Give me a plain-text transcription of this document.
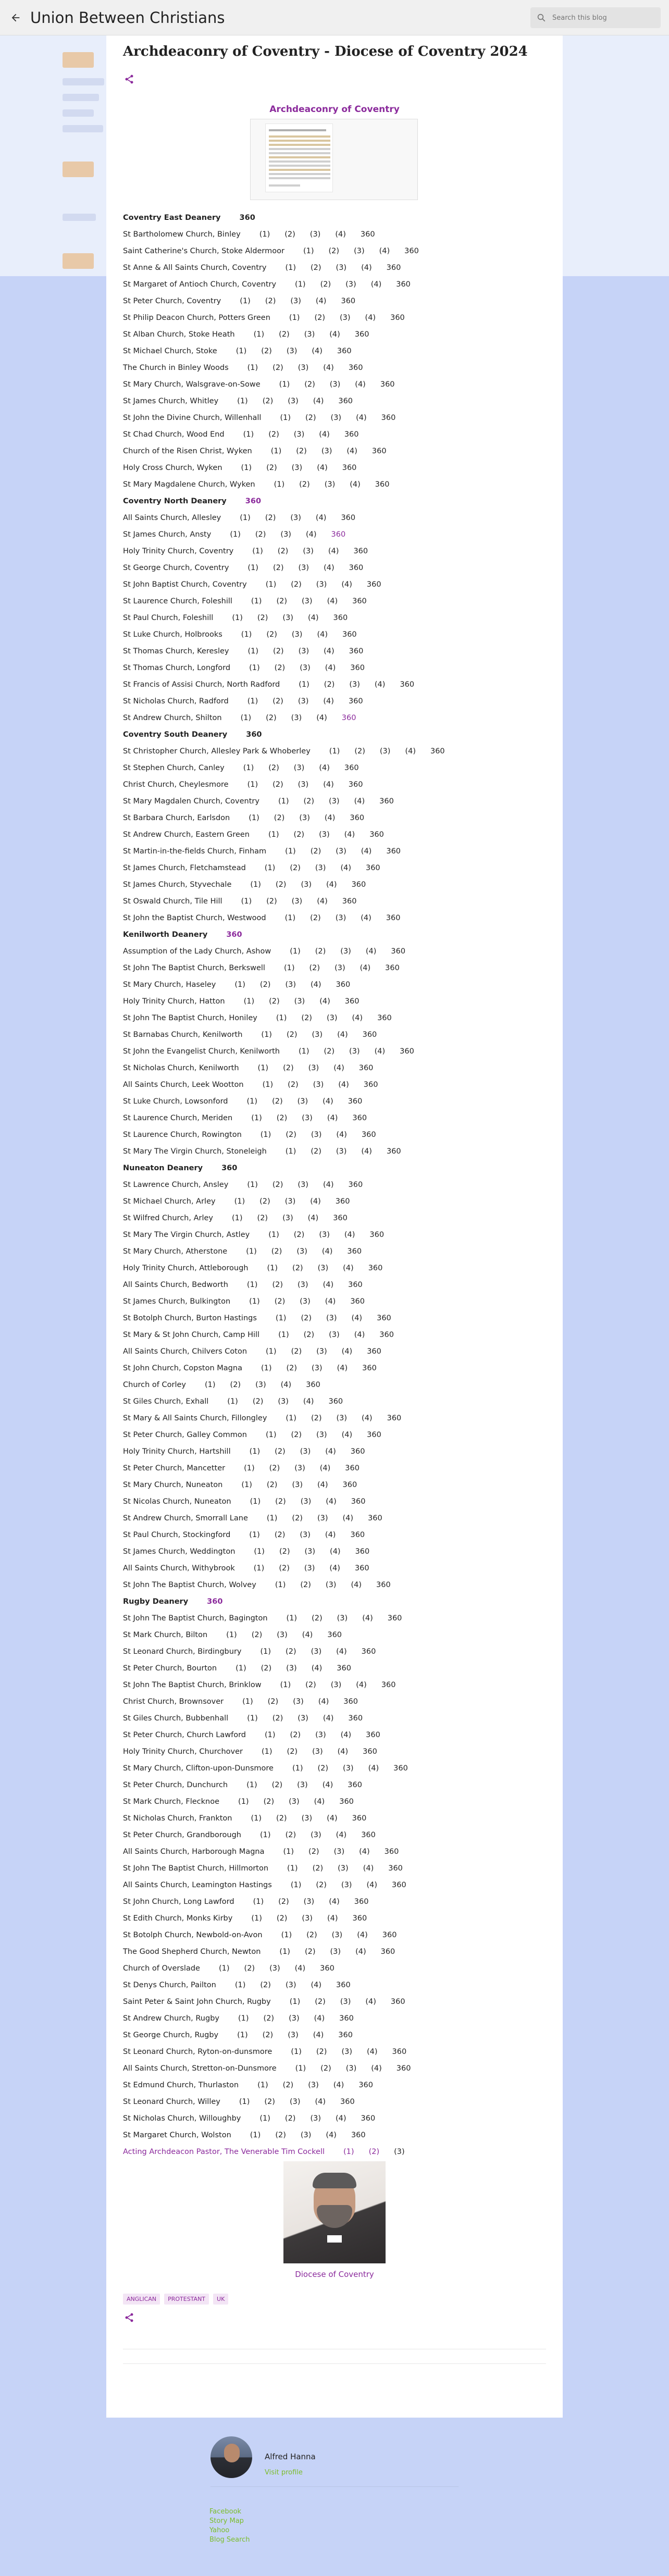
Union Between Christians
Search this blog
Archdeaconry of Coventry - Diocese of Coventry 2024
Archdeaconry of Coventry
Coventry East Deanery 360
St Bartholomew Church, Binley (1) (2) (3) (4) 360
Saint Catherine's Church, Stoke Aldermoor (1) (2) (3) (4) 360
St Anne & All Saints Church, Coventry (1) (2) (3) (4) 360
St Margaret of Antioch Church, Coventry (1) (2) (3) (4) 360
St Peter Church, Coventry (1) (2) (3) (4) 360
St Philip Deacon Church, Potters Green (1) (2) (3) (4) 360
St Alban Church, Stoke Heath (1) (2) (3) (4) 360
St Michael Church, Stoke (1) (2) (3) (4) 360
The Church in Binley Woods (1) (2) (3) (4) 360
St Mary Church, Walsgrave-on-Sowe (1) (2) (3) (4) 360
St James Church, Whitley (1) (2) (3) (4) 360
St John the Divine Church, Willenhall (1) (2) (3) (4) 360
St Chad Church, Wood End (1) (2) (3) (4) 360
Church of the Risen Christ, Wyken (1) (2) (3) (4) 360
Holy Cross Church, Wyken (1) (2) (3) (4) 360
St Mary Magdalene Church, Wyken (1) (2) (3) (4) 360
Coventry North Deanery 360
All Saints Church, Allesley (1) (2) (3) (4) 360
St James Church, Ansty (1) (2) (3) (4) 360
Holy Trinity Church, Coventry (1) (2) (3) (4) 360
St George Church, Coventry (1) (2) (3) (4) 360
St John Baptist Church, Coventry (1) (2) (3) (4) 360
St Laurence Church, Foleshill (1) (2) (3) (4) 360
St Paul Church, Foleshill (1) (2) (3) (4) 360
St Luke Church, Holbrooks (1) (2) (3) (4) 360
St Thomas Church, Keresley (1) (2) (3) (4) 360
St Thomas Church, Longford (1) (2) (3) (4) 360
St Francis of Assisi Church, North Radford (1) (2) (3) (4) 360
St Nicholas Church, Radford (1) (2) (3) (4) 360
St Andrew Church, Shilton (1) (2) (3) (4) 360
Coventry South Deanery 360
St Christopher Church, Allesley Park & Whoberley (1) (2) (3) (4) 360
St Stephen Church, Canley (1) (2) (3) (4) 360
Christ Church, Cheylesmore (1) (2) (3) (4) 360
St Mary Magdalen Church, Coventry (1) (2) (3) (4) 360
St Barbara Church, Earlsdon (1) (2) (3) (4) 360
St Andrew Church, Eastern Green (1) (2) (3) (4) 360
St Martin-in-the-fields Church, Finham (1) (2) (3) (4) 360
St James Church, Fletchamstead (1) (2) (3) (4) 360
St James Church, Styvechale (1) (2) (3) (4) 360
St Oswald Church, Tile Hill (1) (2) (3) (4) 360
St John the Baptist Church, Westwood (1) (2) (3) (4) 360
Kenilworth Deanery 360
Assumption of the Lady Church, Ashow (1) (2) (3) (4) 360
St John The Baptist Church, Berkswell (1) (2) (3) (4) 360
St Mary Church, Haseley (1) (2) (3) (4) 360
Holy Trinity Church, Hatton (1) (2) (3) (4) 360
St John The Baptist Church, Honiley (1) (2) (3) (4) 360
St Barnabas Church, Kenilworth (1) (2) (3) (4) 360
St John the Evangelist Church, Kenilworth (1) (2) (3) (4) 360
St Nicholas Church, Kenilworth (1) (2) (3) (4) 360
All Saints Church, Leek Wootton (1) (2) (3) (4) 360
St Luke Church, Lowsonford (1) (2) (3) (4) 360
St Laurence Church, Meriden (1) (2) (3) (4) 360
St Laurence Church, Rowington (1) (2) (3) (4) 360
St Mary The Virgin Church, Stoneleigh (1) (2) (3) (4) 360
Nuneaton Deanery 360
St Lawrence Church, Ansley (1) (2) (3) (4) 360
St Michael Church, Arley (1) (2) (3) (4) 360
St Wilfred Church, Arley (1) (2) (3) (4) 360
St Mary The Virgin Church, Astley (1) (2) (3) (4) 360
St Mary Church, Atherstone (1) (2) (3) (4) 360
Holy Trinity Church, Attleborough (1) (2) (3) (4) 360
All Saints Church, Bedworth (1) (2) (3) (4) 360
St James Church, Bulkington (1) (2) (3) (4) 360
St Botolph Church, Burton Hastings (1) (2) (3) (4) 360
St Mary & St John Church, Camp Hill (1) (2) (3) (4) 360
All Saints Church, Chilvers Coton (1) (2) (3) (4) 360
St John Church, Copston Magna (1) (2) (3) (4) 360
Church of Corley (1) (2) (3) (4) 360
St Giles Church, Exhall (1) (2) (3) (4) 360
St Mary & All Saints Church, Fillongley (1) (2) (3) (4) 360
St Peter Church, Galley Common (1) (2) (3) (4) 360
Holy Trinity Church, Hartshill (1) (2) (3) (4) 360
St Peter Church, Mancetter (1) (2) (3) (4) 360
St Mary Church, Nuneaton (1) (2) (3) (4) 360
St Nicolas Church, Nuneaton (1) (2) (3) (4) 360
St Andrew Church, Smorrall Lane (1) (2) (3) (4) 360
St Paul Church, Stockingford (1) (2) (3) (4) 360
St James Church, Weddington (1) (2) (3) (4) 360
All Saints Church, Withybrook (1) (2) (3) (4) 360
St John The Baptist Church, Wolvey (1) (2) (3) (4) 360
Rugby Deanery 360
St John The Baptist Church, Bagington (1) (2) (3) (4) 360
St Mark Church, Bilton (1) (2) (3) (4) 360
St Leonard Church, Birdingbury (1) (2) (3) (4) 360
St Peter Church, Bourton (1) (2) (3) (4) 360
St John The Baptist Church, Brinklow (1) (2) (3) (4) 360
Christ Church, Brownsover (1) (2) (3) (4) 360
St Giles Church, Bubbenhall (1) (2) (3) (4) 360
St Peter Church, Church Lawford (1) (2) (3) (4) 360
Holy Trinity Church, Churchover (1) (2) (3) (4) 360
St Mary Church, Clifton-upon-Dunsmore (1) (2) (3) (4) 360
St Peter Church, Dunchurch (1) (2) (3) (4) 360
St Mark Church, Flecknoe (1) (2) (3) (4) 360
St Nicholas Church, Frankton (1) (2) (3) (4) 360
St Peter Church, Grandborough (1) (2) (3) (4) 360
All Saints Church, Harborough Magna (1) (2) (3) (4) 360
St John The Baptist Church, Hillmorton (1) (2) (3) (4) 360
All Saints Church, Leamington Hastings (1) (2) (3) (4) 360
St John Church, Long Lawford (1) (2) (3) (4) 360
St Edith Church, Monks Kirby (1) (2) (3) (4) 360
St Botolph Church, Newbold-on-Avon (1) (2) (3) (4) 360
The Good Shepherd Church, Newton (1) (2) (3) (4) 360
Church of Overslade (1) (2) (3) (4) 360
St Denys Church, Pailton (1) (2) (3) (4) 360
Saint Peter & Saint John Church, Rugby (1) (2) (3) (4) 360
St Andrew Church, Rugby (1) (2) (3) (4) 360
St George Church, Rugby (1) (2) (3) (4) 360
St Leonard Church, Ryton-on-dunsmore (1) (2) (3) (4) 360
All Saints Church, Stretton-on-Dunsmore (1) (2) (3) (4) 360
St Edmund Church, Thurlaston (1) (2) (3) (4) 360
St Leonard Church, Willey (1) (2) (3) (4) 360
St Nicholas Church, Willoughby (1) (2) (3) (4) 360
St Margaret Church, Wolston (1) (2) (3) (4) 360
Acting Archdeacon Pastor, The Venerable Tim Cockell (1) (2) (3)
Diocese of Coventry
ANGLICAN	PROTESTANT	UK
Alfred Hanna
Visit profile
Facebook
Story Map
Yahoo
Blog Search
